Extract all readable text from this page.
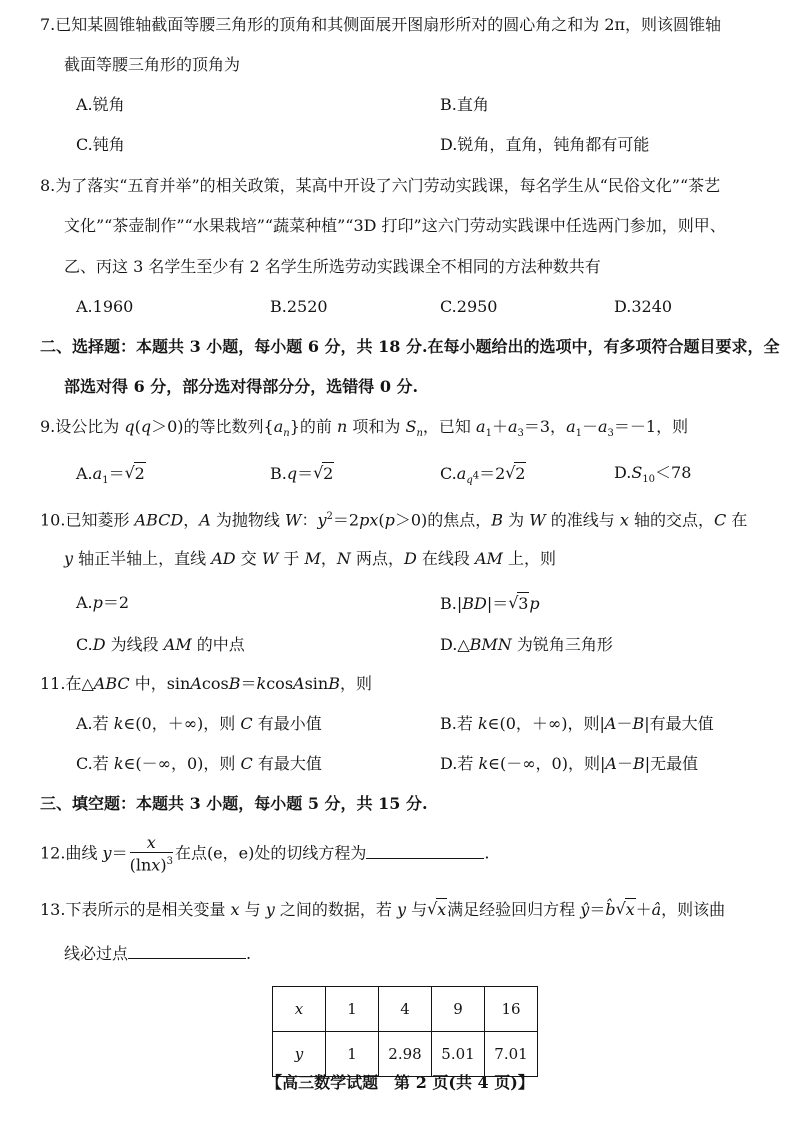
7.已知某圆锥轴截面等腰三角形的顶角和其侧面展开图扇形所对的圆心角之和为 2π，则该圆锥轴
截面等腰三角形的顶角为
A.锐角	B.直角
C.钝角	D.锐角，直角，钝角都有可能
8.为了落实“五育并举”的相关政策，某高中开设了六门劳动实践课，每名学生从“民俗文化”“茶艺
文化”“茶壶制作”“水果栽培”“蔬菜种植”“3D 打印”这六门劳动实践课中任选两门参加，则甲、
乙、丙这 3 名学生至少有 2 名学生所选劳动实践课全不相同的方法种数共有
A.1960	B.2520	C.2950	D.3240
二、选择题：本题共 3 小题，每小题 6 分，共 18 分.在每小题给出的选项中，有多项符合题目要求，全
部选对得 6 分，部分选对得部分分，选错得 0 分.
9.设公比为 q(q＞0)的等比数列$\{a_n\}$的前 n 项和为 $S_n$，已知 $a_1+a_3=3$，$a_1-a_3=-1$，则
$A.a_1=$ √ 2	B.q＝ √ 2	$C.a_{q^4}=2$ √ 2	$D.S_{10}<78$
10.已知菱形 ABCD，A 为抛物线 W：$y^2=2px(p>0)$的焦点，B 为 W 的准线与 x 轴的交点，C 在
y 轴正半轴上，直线 AD 交 W 于 M，N 两点，D 在线段 AM 上，则
A.p＝2	B.|BD|＝ √ 3p
C.D 为线段 AM 的中点	D.△BMN 为锐角三角形
11.在△ABC 中，sinAcosB＝kcosAsinB，则
A.若 k∈(0，＋∞)，则 C 有最小值	B.若 k∈(0，＋∞)，则|A－B|有最大值
C.若 k∈(－∞，0)，则 C 有最大值	D.若 k∈(－∞，0)，则|A－B|无最值
三、填空题：本题共 3 小题，每小题 5 分，共 15 分.
12.曲线 $y= \frac{x}{(\ln x)^3}$ 在点(e，e)处的切线方程为	.
13.下表所示的是相关变量 x 与 y 之间的数据，若 y 与 √ x满足经验回归方程 ŷ＝b̂ √ x＋â，则该曲
线必过点	.
x	1	4	9	16
y	1	2.98	5.01	7.01
【高三数学试题　第 2 页(共 4 页)】
